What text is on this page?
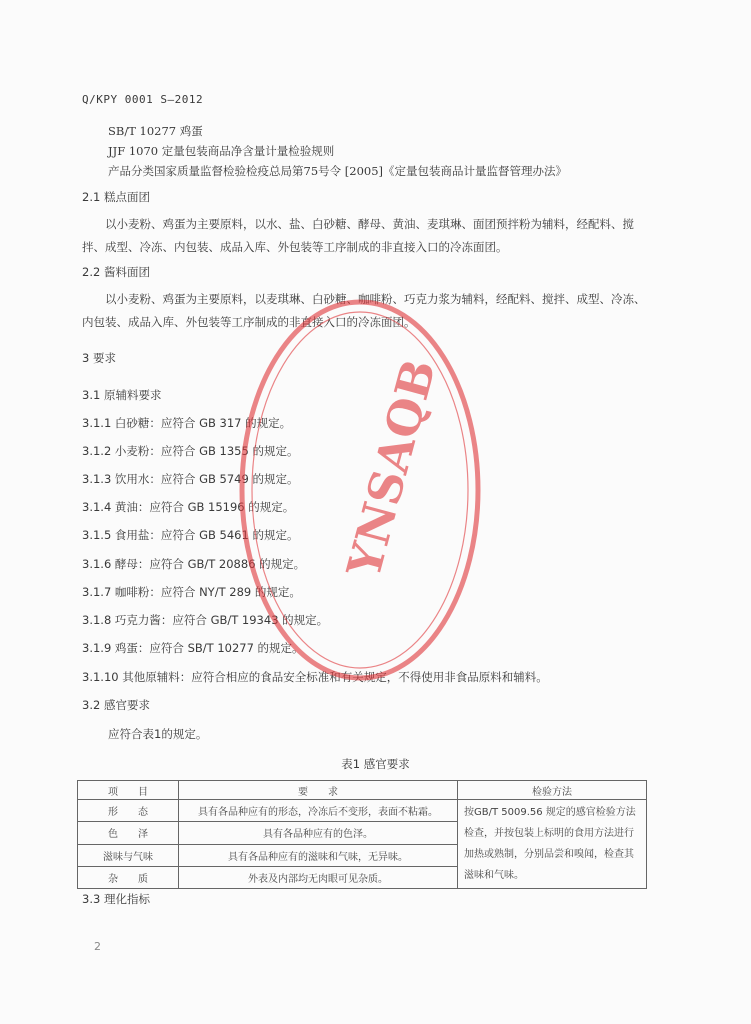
Q/KPY 0001 S—2012
SB/T 10277 鸡蛋
JJF 1070 定量包装商品净含量计量检验规则
产品分类国家质量监督检验检疫总局第75号令 [2005]《定量包装商品计量监督管理办法》
2.1 糕点面团
以小麦粉、鸡蛋为主要原料，以水、盐、白砂糖、酵母、黄油、麦琪琳、面团预拌粉为辅料，经配料、搅拌、成型、冷冻、内包装、成品入库、外包装等工序制成的非直接入口的冷冻面团。
2.2 酱料面团
以小麦粉、鸡蛋为主要原料，以麦琪琳、白砂糖、咖啡粉、巧克力浆为辅料，经配料、搅拌、成型、冷冻、内包装、成品入库、外包装等工序制成的非直接入口的冷冻面团。
3 要求
3.1 原辅料要求
3.1.1 白砂糖：应符合 GB 317 的规定。
3.1.2 小麦粉：应符合 GB 1355 的规定。
3.1.3 饮用水：应符合 GB 5749 的规定。
3.1.4 黄油：应符合 GB 15196 的规定。
3.1.5 食用盐：应符合 GB 5461 的规定。
3.1.6 酵母：应符合 GB/T 20886 的规定。
3.1.7 咖啡粉：应符合 NY/T 289 的规定。
3.1.8 巧克力酱：应符合 GB/T 19343 的规定。
3.1.9 鸡蛋：应符合 SB/T 10277 的规定。
3.1.10 其他原辅料：应符合相应的食品安全标准和有关规定，不得使用非食品原料和辅料。
3.2 感官要求
应符合表1的规定。
表1 感官要求
项　　目	要　　求	检验方法
形　　态	具有各品种应有的形态，冷冻后不变形，表面不粘霜。	按GB/T 5009.56 规定的感官检验方法检查，并按包装上标明的食用方法进行加热或熟制，分别品尝和嗅闻，检查其滋味和气味。
色　　泽	具有各品种应有的色泽。	
滋味与气味	具有各品种应有的滋味和气味，无异味。	
杂　　质	外表及内部均无肉眼可见杂质。	
3.3 理化指标
2
YNSAQB
